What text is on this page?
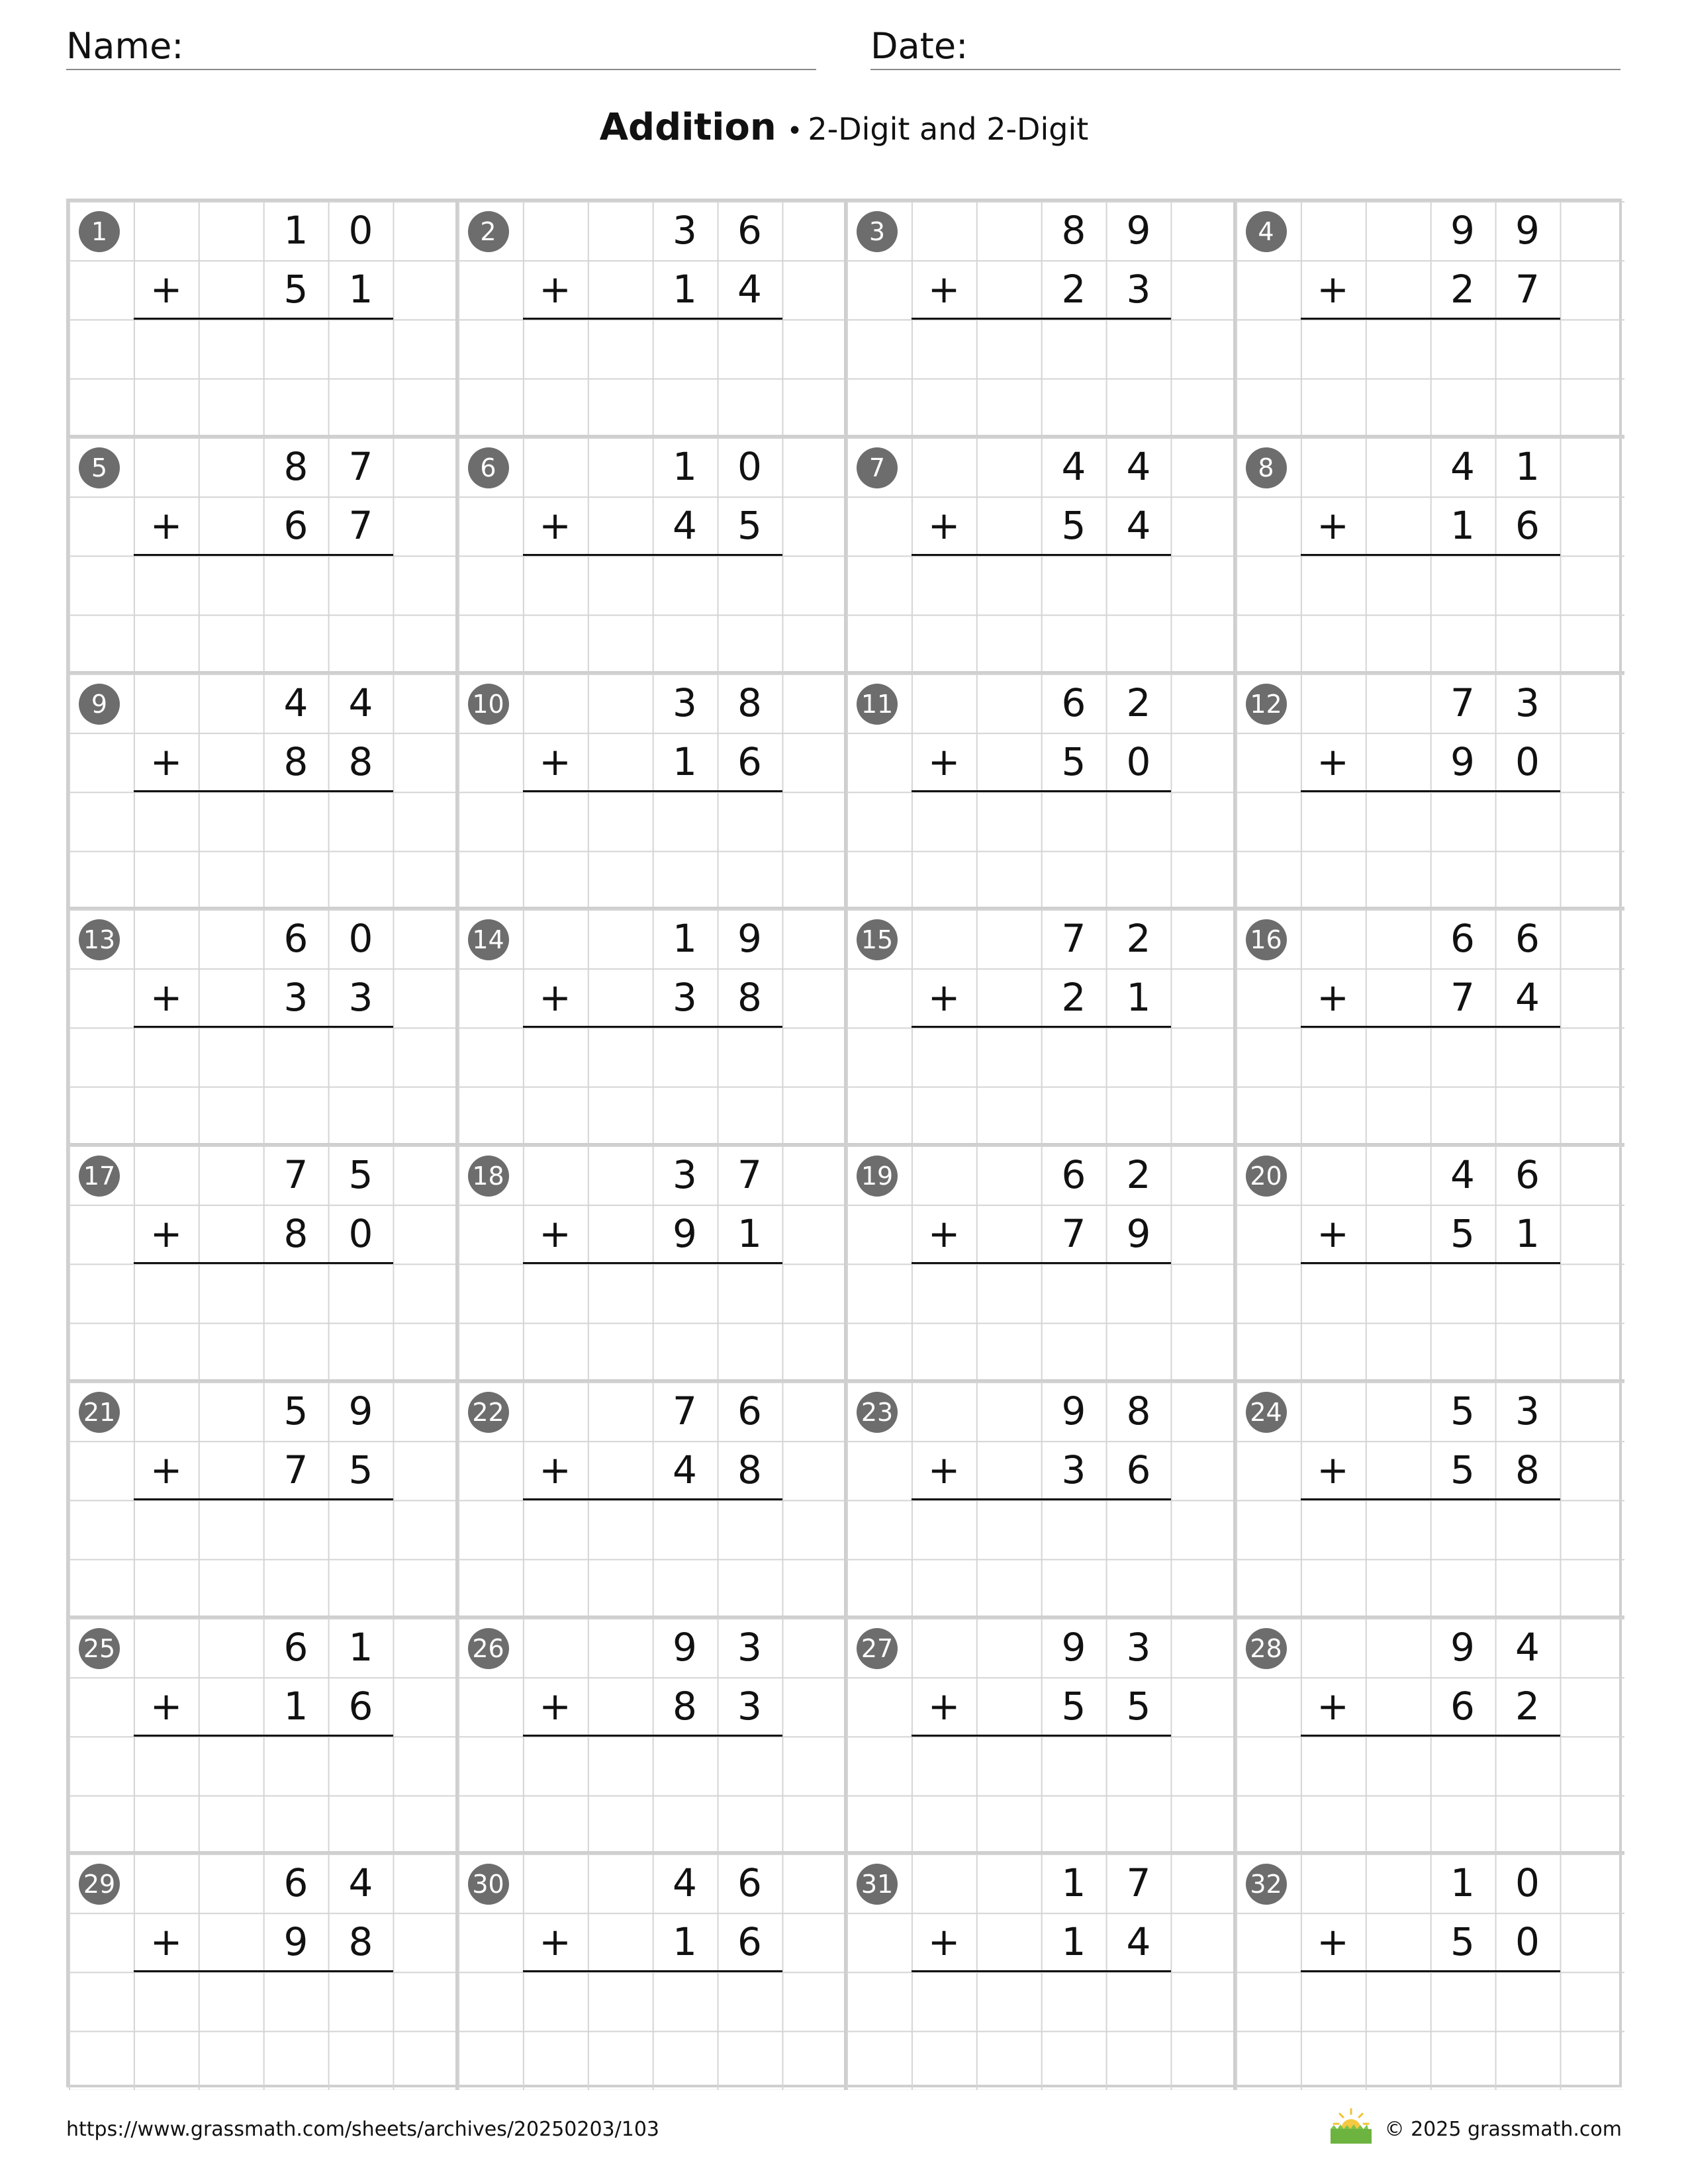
Name:	Date:
Addition • 2-Digit and 2-Digit
1	1	0
+	5	1
2	3	6
+	1	4
3	8	9
+	2	3
4	9	9
+	2	7
5	8	7
+	6	7
6	1	0
+	4	5
7	4	4
+	5	4
8	4	1
+	1	6
9	4	4
+	8	8
10	3	8
+	1	6
11	6	2
+	5	0
12	7	3
+	9	0
13	6	0
+	3	3
14	1	9
+	3	8
15	7	2
+	2	1
16	6	6
+	7	4
17	7	5
+	8	0
18	3	7
+	9	1
19	6	2
+	7	9
20	4	6
+	5	1
21	5	9
+	7	5
22	7	6
+	4	8
23	9	8
+	3	6
24	5	3
+	5	8
25	6	1
+	1	6
26	9	3
+	8	3
27	9	3
+	5	5
28	9	4
+	6	2
29	6	4
+	9	8
30	4	6
+	1	6
31	1	7
+	1	4
32	1	0
+	5	0
https://www.grassmath.com/sheets/archives/20250203/103	© 2025 grassmath.com
